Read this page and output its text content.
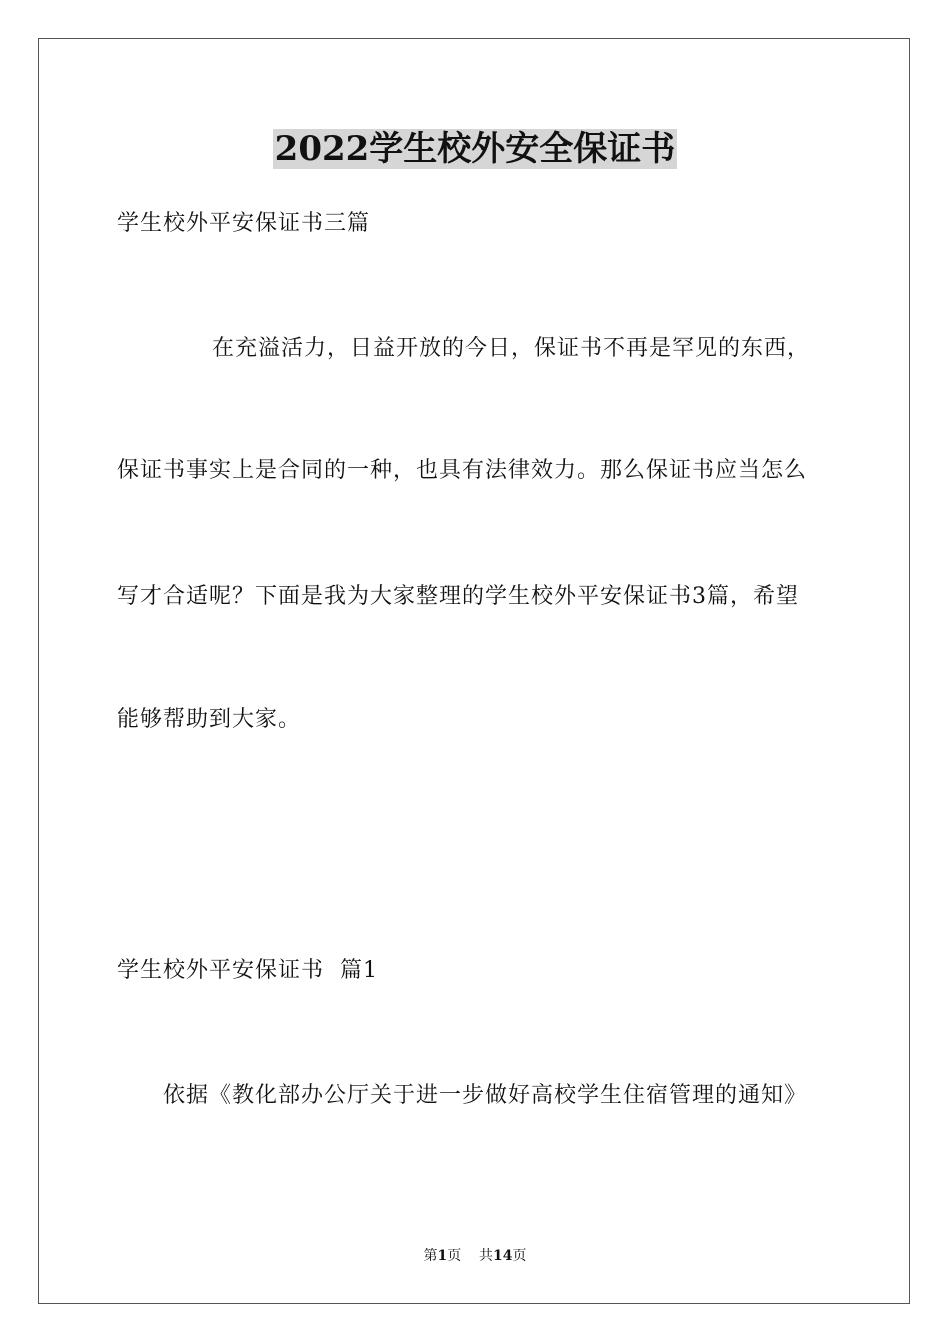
2022学生校外安全保证书
学生校外平安保证书三篇
在充溢活力，日益开放的今日，保证书不再是罕见的东西，
保证书事实上是合同的一种，也具有法律效力。那么保证书应当怎么
写才合适呢？下面是我为大家整理的学生校外平安保证书3篇，希望
能够帮助到大家。
学生校外平安保证书  篇1
依据《教化部办公厅关于进一步做好高校学生住宿管理的通知》
第1页 共14页
